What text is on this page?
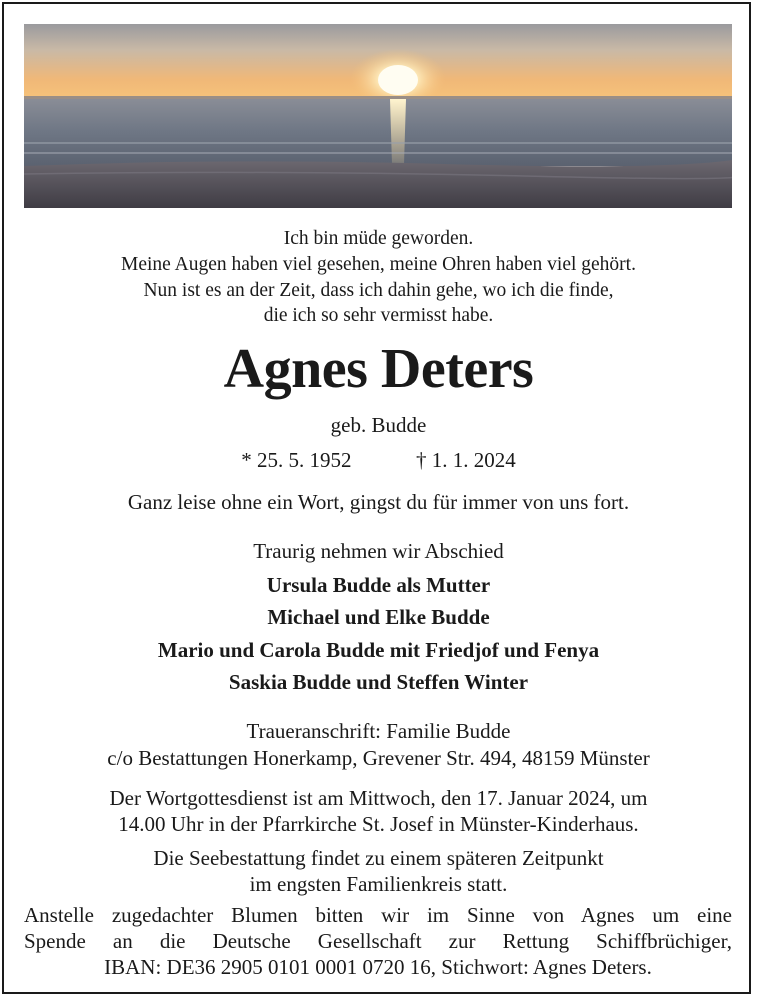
Ich bin müde geworden.
Meine Augen haben viel gesehen, meine Ohren haben viel gehört.
Nun ist es an der Zeit, dass ich dahin gehe, wo ich die finde,
die ich so sehr vermisst habe.
Agnes Deters
geb. Budde
* 25. 5. 1952	† 1. 1. 2024
Ganz leise ohne ein Wort, gingst du für immer von uns fort.
Traurig nehmen wir Abschied
Ursula Budde als Mutter
Michael und Elke Budde
Mario und Carola Budde mit Friedjof und Fenya
Saskia Budde und Steffen Winter
Traueranschrift: Familie Budde
c/o Bestattungen Honerkamp, Grevener Str. 494, 48159 Münster
Der Wortgottesdienst ist am Mittwoch, den 17. Januar 2024, um
14.00 Uhr in der Pfarrkirche St. Josef in Münster-Kinderhaus.
Die Seebestattung findet zu einem späteren Zeitpunkt
im engsten Familienkreis statt.
Anstelle zugedachter Blumen bitten wir im Sinne von Agnes um eine
Spende an die Deutsche Gesellschaft zur Rettung Schiffbrüchiger,
IBAN: DE36 2905 0101 0001 0720 16, Stichwort: Agnes Deters.
